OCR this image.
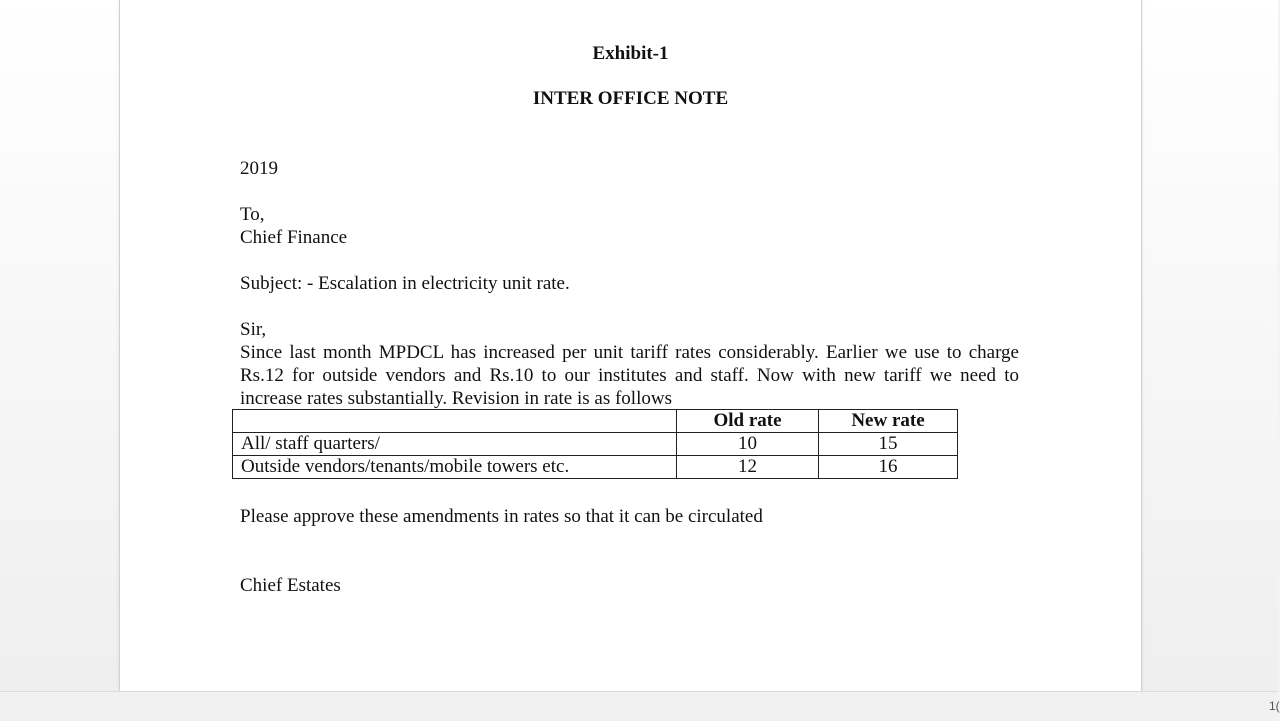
Exhibit-1
INTER OFFICE NOTE
2019
To,
Chief Finance
Subject: - Escalation in electricity unit rate.
Sir,
Since last month MPDCL has increased per unit tariff rates considerably. Earlier we use to charge Rs.12 for outside vendors and Rs.10 to our institutes and staff. Now with new tariff we need to increase rates substantially. Revision in rate is as follows
	Old rate	New rate
All/ staff quarters/	10	15
Outside vendors/tenants/mobile towers etc.	12	16
Please approve these amendments in rates so that it can be circulated
Chief Estates
1(
